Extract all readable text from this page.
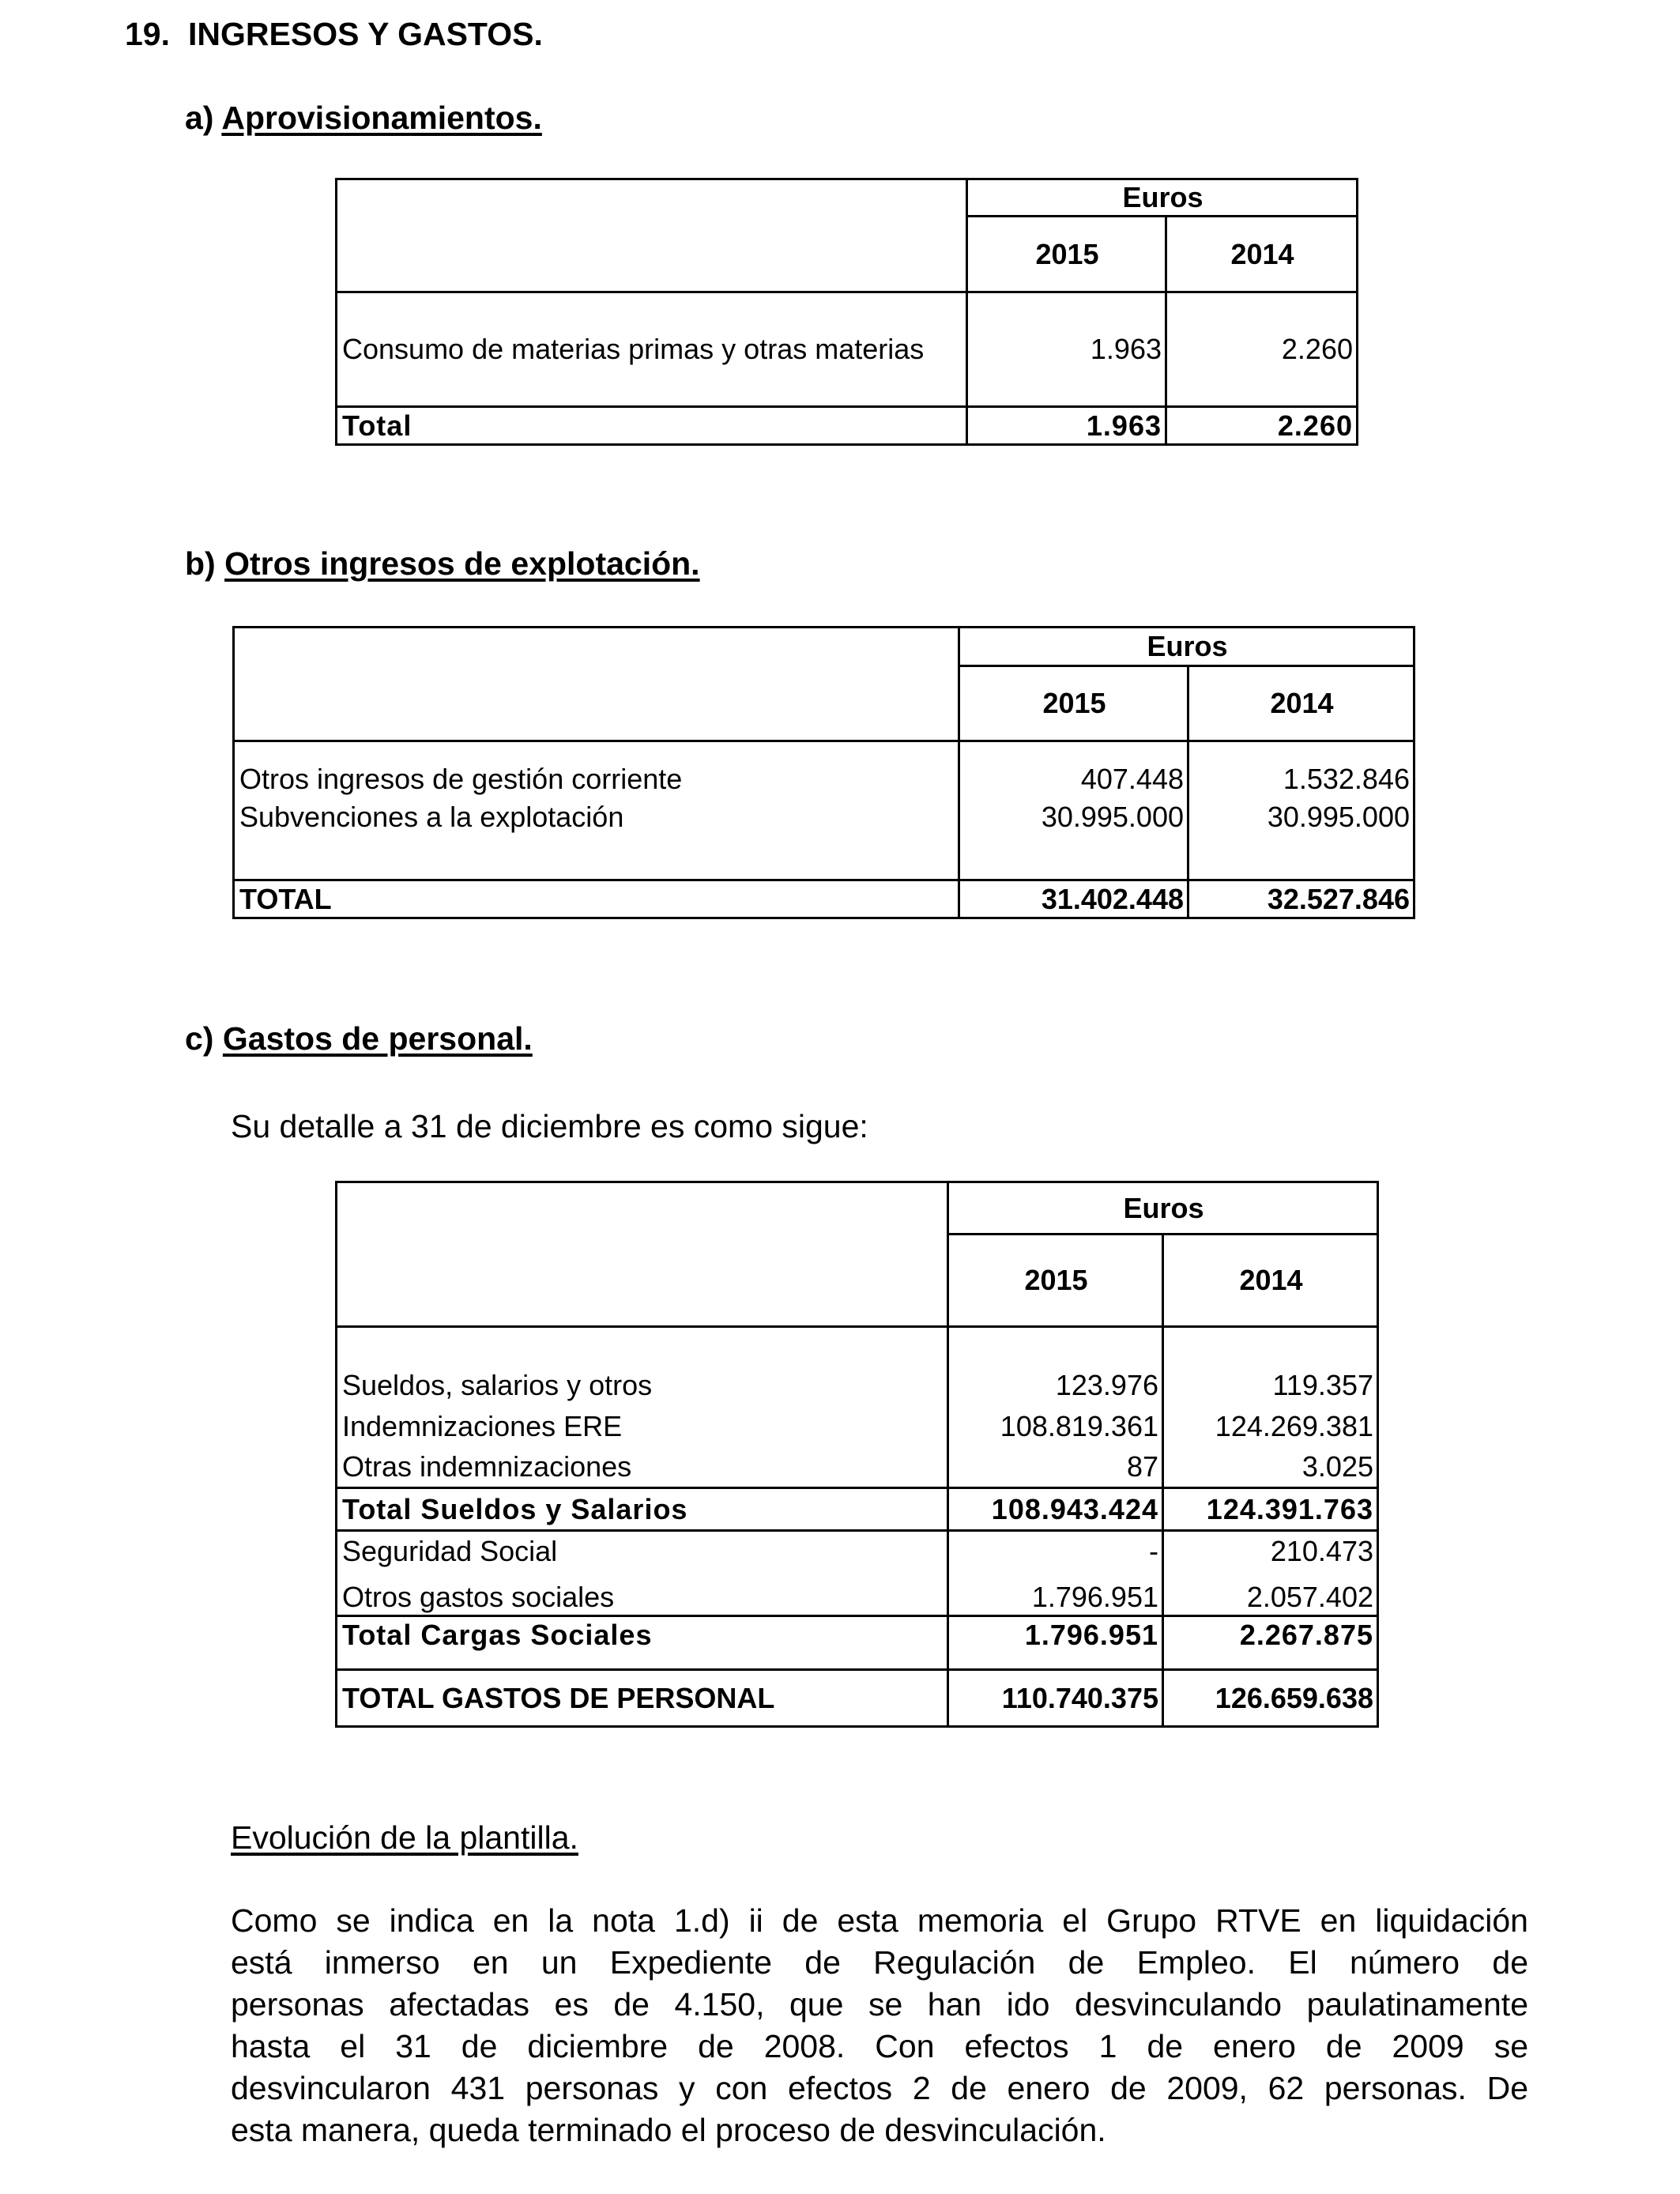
19. INGRESOS Y GASTOS.
a) Aprovisionamientos.
	Euros	
	2015	2014
Consumo de materias primas y otras materias	1.963	2.260
Total	1.963	2.260
b) Otros ingresos de explotación.
	Euros	
	2015	2014

Otros ingresos de gestión corriente	407.448	1.532.846
Subvenciones a la explotación	30.995.000	30.995.000

TOTAL	31.402.448	32.527.846
c) Gastos de personal.
Su detalle a 31 de diciembre es como sigue:
	Euros	
	2015	2014

Sueldos, salarios y otros	123.976	119.357
Indemnizaciones ERE	108.819.361	124.269.381
Otras indemnizaciones	87	3.025
Total Sueldos y Salarios	108.943.424	124.391.763
Seguridad Social	-	210.473
Otros gastos sociales	1.796.951	2.057.402
Total Cargas Sociales	1.796.951	2.267.875

TOTAL GASTOS DE PERSONAL	110.740.375	126.659.638
Evolución de la plantilla.
Como se indica en la nota 1.d) ii de esta memoria el Grupo RTVE en liquidación
está inmerso en un Expediente de Regulación de Empleo. El número de
personas afectadas es de 4.150, que se han ido desvinculando paulatinamente
hasta el 31 de diciembre de 2008. Con efectos 1 de enero de 2009 se
desvincularon 431 personas y con efectos 2 de enero de 2009, 62 personas. De
esta manera, queda terminado el proceso de desvinculación.
